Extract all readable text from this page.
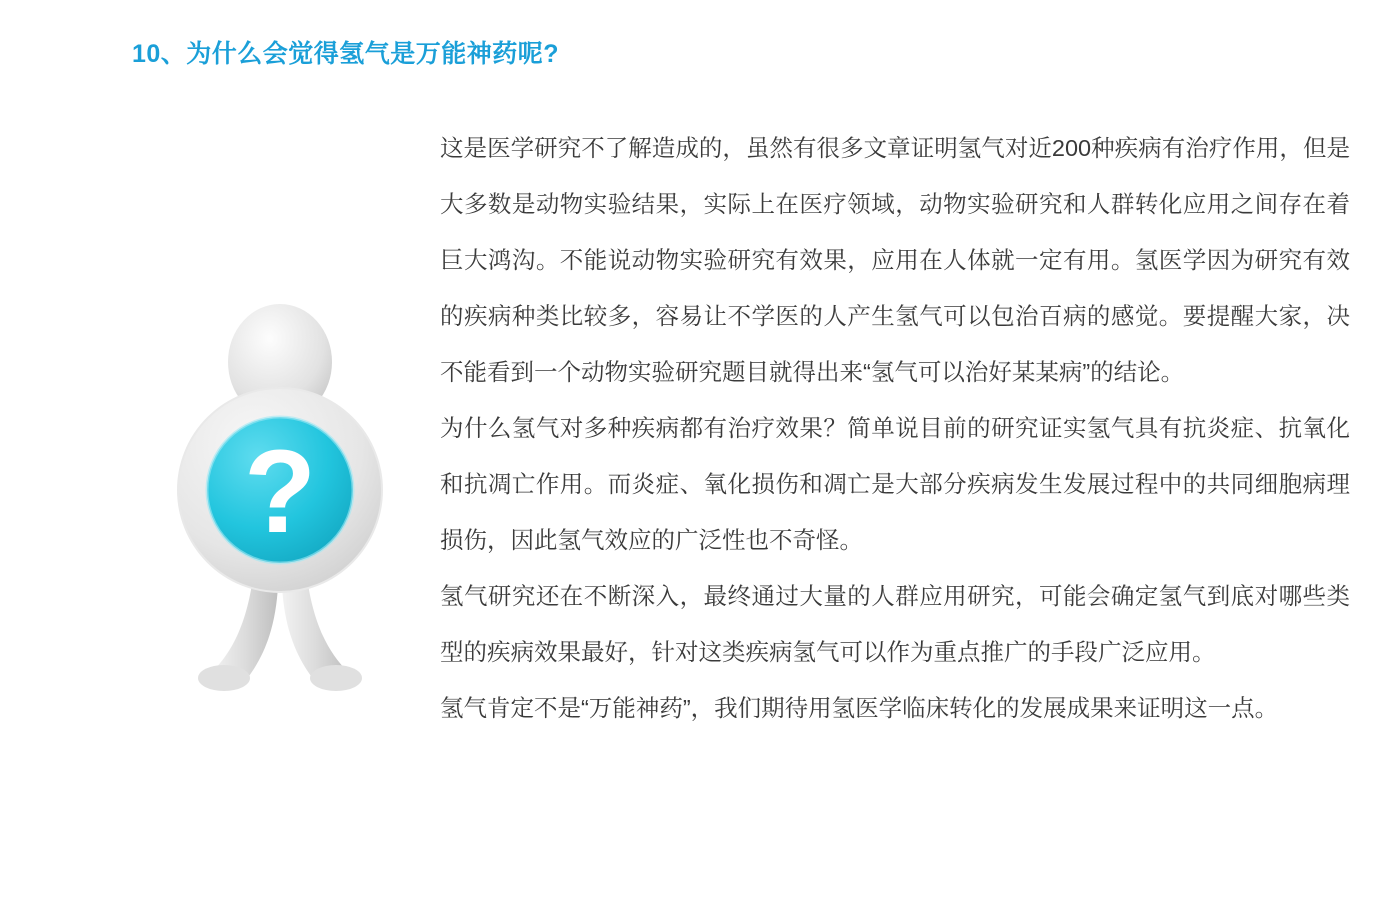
10、为什么会觉得氢气是万能神药呢?
?

这是医学研究不了解造成的，虽然有很多文章证明氢气对近200种疾病有治疗作用，但是大多数是动物实验结果，实际上在医疗领域，动物实验研究和人群转化应用之间存在着巨大鸿沟。不能说动物实验研究有效果，应用在人体就一定有用。氢医学因为研究有效的疾病种类比较多，容易让不学医的人产生氢气可以包治百病的感觉。要提醒大家，决不能看到一个动物实验研究题目就得出来“氢气可以治好某某病”的结论。

为什么氢气对多种疾病都有治疗效果？简单说目前的研究证实氢气具有抗炎症、抗氧化和抗凋亡作用。而炎症、氧化损伤和凋亡是大部分疾病发生发展过程中的共同细胞病理损伤，因此氢气效应的广泛性也不奇怪。

氢气研究还在不断深入，最终通过大量的人群应用研究，可能会确定氢气到底对哪些类型的疾病效果最好，针对这类疾病氢气可以作为重点推广的手段广泛应用。

氢气肯定不是“万能神药”，我们期待用氢医学临床转化的发展成果来证明这一点。
